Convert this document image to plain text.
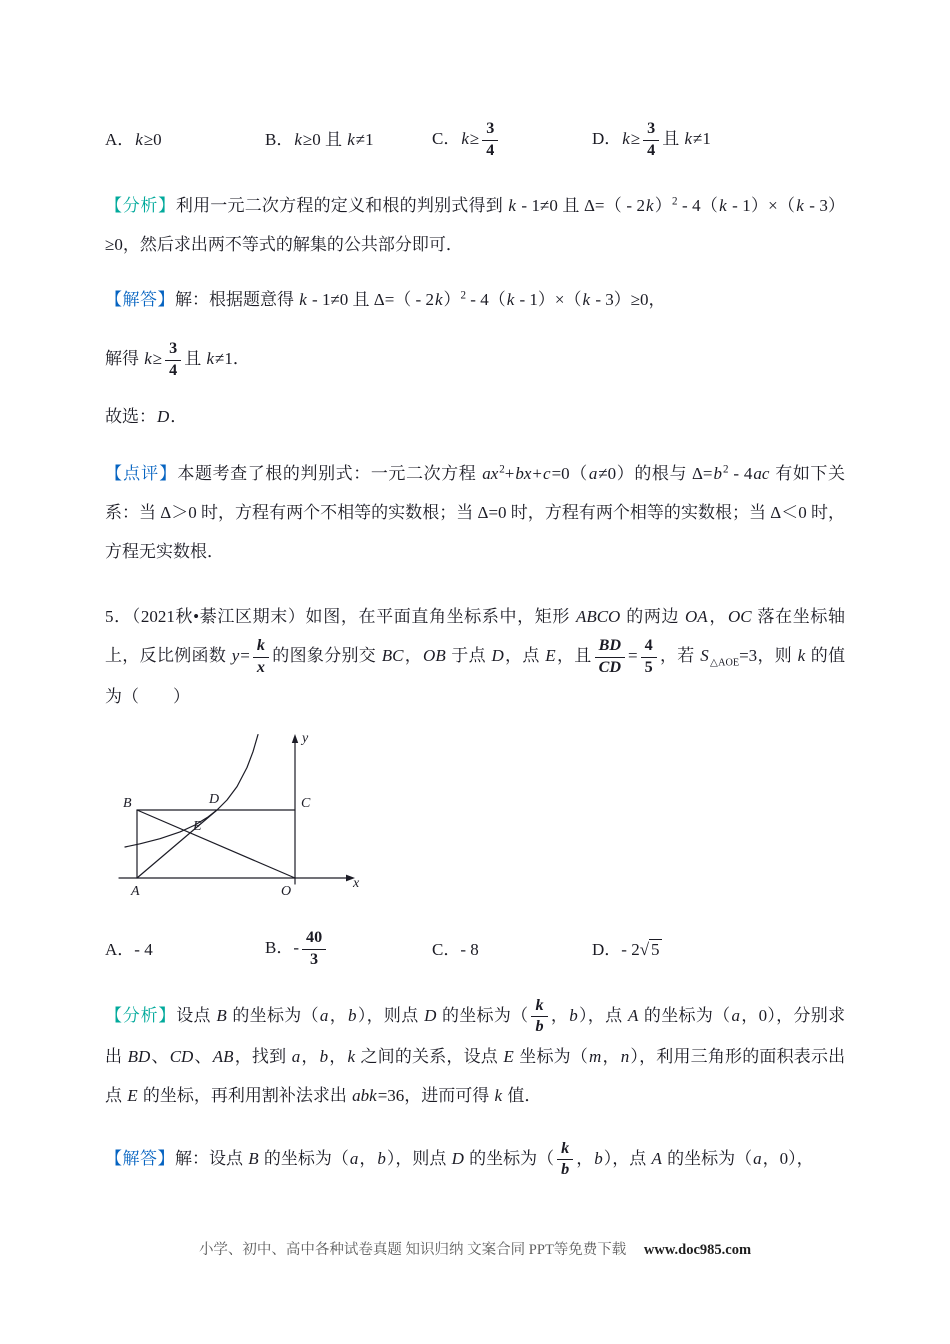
A．k≥0	B．k≥0 且 k≠1	C．$k\ge \frac{3}{4}$	D．$k\ge \frac{3}{4}$ 且 k≠1

【分析】利用一元二次方程的定义和根的判别式得到 k - 1≠0 且 Δ=（ - 2k）$^2$ - 4（k - 1）×（k - 3）≥0，然后求出两不等式的解集的公共部分即可．

【解答】解：根据题意得 k - 1≠0 且 Δ=（ - 2k）$^2$ - 4（k - 1）×（k - 3）≥0，

解得 $k\ge \frac{3}{4}$ 且 k≠1．

故选：D．

【点评】本题考查了根的判别式：一元二次方程 $ax^2+bx+c=0(a\ne 0)$的根与 $\Delta=b^2 - 4ac$ 有如下关系：当 Δ＞0 时，方程有两个不相等的实数根；当 Δ=0 时，方程有两个相等的实数根；当 Δ＜0 时，方程无实数根．

5．（2021秋•綦江区期末）如图，在平面直角坐标系中，矩形 ABCO 的两边 OA，OC 落在坐标轴上，反比例函数 $y= \frac{k}{x}$ 的图象分别交 BC，OB 于点 D，点 E，且 $\frac{BD}{CD} = \frac{4}{5}$ ，若 $S_{\triangle AOE}=3$，则 k 的值为（　　）

B	D	C
E
A	O
x
y
A．- 4	B．- $\frac{40}{3}$	C．- 8	D．- 2√ 5

【分析】设点 B 的坐标为（a，b），则点 D 的坐标为（ $\frac{k}{b}$ ，b），点 A 的坐标为（a，0），分别求出 BD、CD、AB，找到 a，b，k 之间的关系，设点 E 坐标为（m，n），利用三角形的面积表示出点 E 的坐标，再利用割补法求出 abk=36，进而可得 k 值．

【解答】解：设点 B 的坐标为（a，b），则点 D 的坐标为（ $\frac{k}{b}$ ，b），点 A 的坐标为（a，0），

小学、初中、高中各种试卷真题 知识归纳 文案合同 PPT等免费下载 www.doc985.com
